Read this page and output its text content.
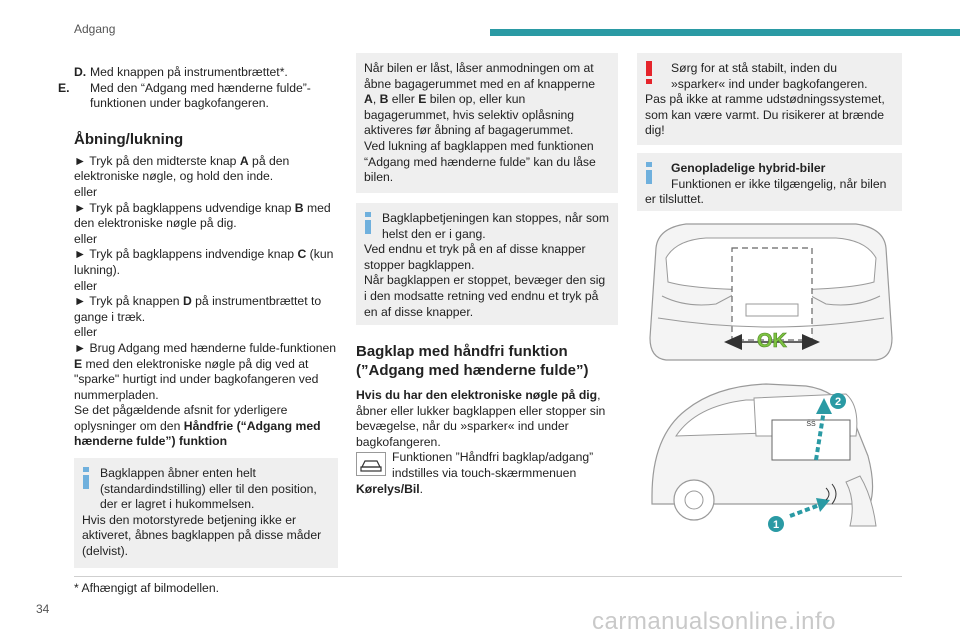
Adgang

D. Med knappen på instrumentbrættet*.

E. Med den “Adgang med hænderne fulde”-funktionen under bagkofangeren.

Åbning/lukning

► Tryk på den midterste knap A på den elektroniske nøgle, og hold den inde.

eller

► Tryk på bagklappens udvendige knap B med den elektroniske nøgle på dig.

eller

► Tryk på bagklappens indvendige knap C (kun lukning).

eller

► Tryk på knappen D på instrumentbrættet to gange i træk.

eller

► Brug Adgang med hænderne fulde-funktionen E med den elektroniske nøgle på dig ved at "sparke" hurtigt ind under bagkofangeren ved nummerpladen.

Se det pågældende afsnit for yderligere oplysninger om den Håndfrie (“Adgang med hænderne fulde”) funktion

Bagklappen åbner enten helt (standardindstilling) eller til den position, der er lagret i hukommelsen.

Hvis den motorstyrede betjening ikke er aktiveret, åbnes bagklappen på disse måder (delvist).

Når bilen er låst, låser anmodningen om at åbne bagagerummet med en af knapperne A, B eller E bilen op, eller kun bagagerummet, hvis selektiv oplåsning aktiveres før åbning af bagagerummet.

Ved lukning af bagklappen med funktionen “Adgang med hænderne fulde” kan du låse bilen.

Bagklapbetjeningen kan stoppes, når som helst den er i gang.

Ved endnu et tryk på en af disse knapper stopper bagklappen.

Når bagklappen er stoppet, bevæger den sig i den modsatte retning ved endnu et tryk på en af disse knapper.

Bagklap med håndfri funktion (”Adgang med hænderne fulde”)

Hvis du har den elektroniske nøgle på dig, åbner eller lukker bagklappen eller stopper sin bevægelse, når du »sparker« ind under bagkofangeren.

Funktionen ”Håndfri bagklap/adgang” indstilles via touch-skærmmenuen

Kørelys/Bil.

Sørg for at stå stabilt, inden du »sparker« ind under bagkofangeren.

Pas på ikke at ramme udstødningssystemet, som kan være varmt. Du risikerer at brænde dig!

Genopladelige hybrid-biler

Funktionen er ikke tilgængelig, når bilen er tilsluttet.

OK
ŠŠ
2
1
* Afhængigt af bilmodellen.
34	carmanualsonline.info
